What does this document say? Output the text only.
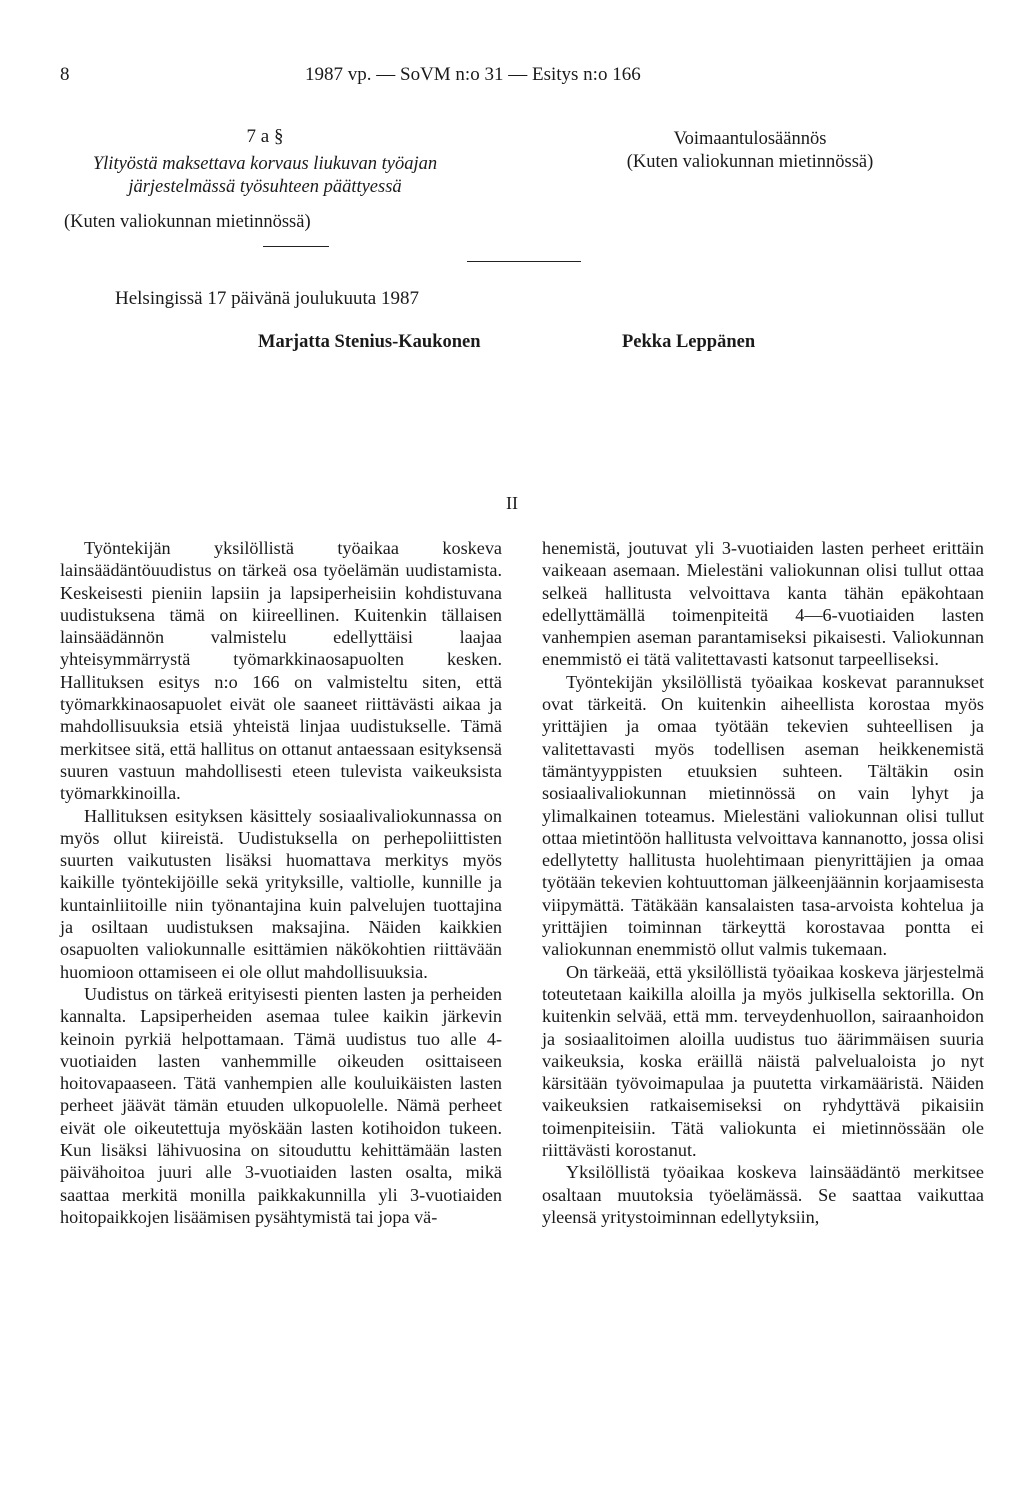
8	1987 vp. — SoVM n:o 31 — Esitys n:o 166
7 a §
Ylityöstä maksettava korvaus liukuvan työajan
järjestelmässä työsuhteen päättyessä
(Kuten valiokunnan mietinnössä)
Voimaantulosäännös
(Kuten valiokunnan mietinnössä)
Helsingissä 17 päivänä joulukuuta 1987
Marjatta Stenius-Kaukonen	Pekka Leppänen
II

Työntekijän yksilöllistä työaikaa koskeva lainsäädäntöuudistus on tärkeä osa työelämän uudistamista. Keskeisesti pieniin lapsiin ja lapsiperheisiin kohdistuvana uudistuksena tämä on kiireellinen. Kuitenkin tällaisen lainsäädännön valmistelu edellyttäisi laajaa yhteisymmärrystä työmarkkinaosapuolten kesken. Hallituksen esitys n:o 166 on valmisteltu siten, että työmarkkinaosapuolet eivät ole saaneet riittävästi aikaa ja mahdollisuuksia etsiä yhteistä linjaa uudistukselle. Tämä merkitsee sitä, että hallitus on ottanut antaessaan esityksensä suuren vastuun mahdollisesti eteen tulevista vaikeuksista työmarkkinoilla.

Hallituksen esityksen käsittely sosiaalivaliokunnassa on myös ollut kiireistä. Uudistuksella on perhepoliittisten suurten vaikutusten lisäksi huomattava merkitys myös kaikille työntekijöille sekä yrityksille, valtiolle, kunnille ja kuntainliitoille niin työnantajina kuin palvelujen tuottajina ja osiltaan uudistuksen maksajina. Näiden kaikkien osapuolten valiokunnalle esittämien näkökohtien riittävään huomioon ottamiseen ei ole ollut mahdollisuuksia.

Uudistus on tärkeä erityisesti pienten lasten ja perheiden kannalta. Lapsiperheiden asemaa tulee kaikin järkevin keinoin pyrkiä helpottamaan. Tämä uudistus tuo alle 4-vuotiaiden lasten vanhemmille oikeuden osittaiseen hoitovapaaseen. Tätä vanhempien alle kouluikäisten lasten perheet jäävät tämän etuuden ulkopuolelle. Nämä perheet eivät ole oikeutettuja myöskään lasten kotihoidon tukeen. Kun lisäksi lähivuosina on sitouduttu kehittämään lasten päivähoitoa juuri alle 3-vuotiaiden lasten osalta, mikä saattaa merkitä monilla paikkakunnilla yli 3-vuotiaiden hoitopaikkojen lisäämisen pysähtymistä tai jopa vä-

henemistä, joutuvat yli 3-vuotiaiden lasten perheet erittäin vaikeaan asemaan. Mielestäni valiokunnan olisi tullut ottaa selkeä hallitusta velvoittava kanta tähän epäkohtaan edellyttämällä toimenpiteitä 4—6-vuotiaiden lasten vanhempien aseman parantamiseksi pikaisesti. Valiokunnan enemmistö ei tätä valitettavasti katsonut tarpeelliseksi.

Työntekijän yksilöllistä työaikaa koskevat parannukset ovat tärkeitä. On kuitenkin aiheellista korostaa myös yrittäjien ja omaa työtään tekevien suhteellisen ja valitettavasti myös todellisen aseman heikkenemistä tämäntyyppisten etuuksien suhteen. Tältäkin osin sosiaalivaliokunnan mietinnössä on vain lyhyt ja ylimalkainen toteamus. Mielestäni valiokunnan olisi tullut ottaa mietintöön hallitusta velvoittava kannanotto, jossa olisi edellytetty hallitusta huolehtimaan pienyrittäjien ja omaa työtään tekevien kohtuuttoman jälkeenjäännin korjaamisesta viipymättä. Tätäkään kansalaisten tasa-arvoista kohtelua ja yrittäjien toiminnan tärkeyttä korostavaa pontta ei valiokunnan enemmistö ollut valmis tukemaan.

On tärkeää, että yksilöllistä työaikaa koskeva järjestelmä toteutetaan kaikilla aloilla ja myös julkisella sektorilla. On kuitenkin selvää, että mm. terveydenhuollon, sairaanhoidon ja sosiaalitoimen aloilla uudistus tuo äärimmäisen suuria vaikeuksia, koska eräillä näistä palvelualoista jo nyt kärsitään työvoimapulaa ja puutetta virkamääristä. Näiden vaikeuksien ratkaisemiseksi on ryhdyttävä pikaisiin toimenpiteisiin. Tätä valiokunta ei mietinnössään ole riittävästi korostanut.

Yksilöllistä työaikaa koskeva lainsäädäntö merkitsee osaltaan muutoksia työelämässä. Se saattaa vaikuttaa yleensä yritystoiminnan edellytyksiin,
